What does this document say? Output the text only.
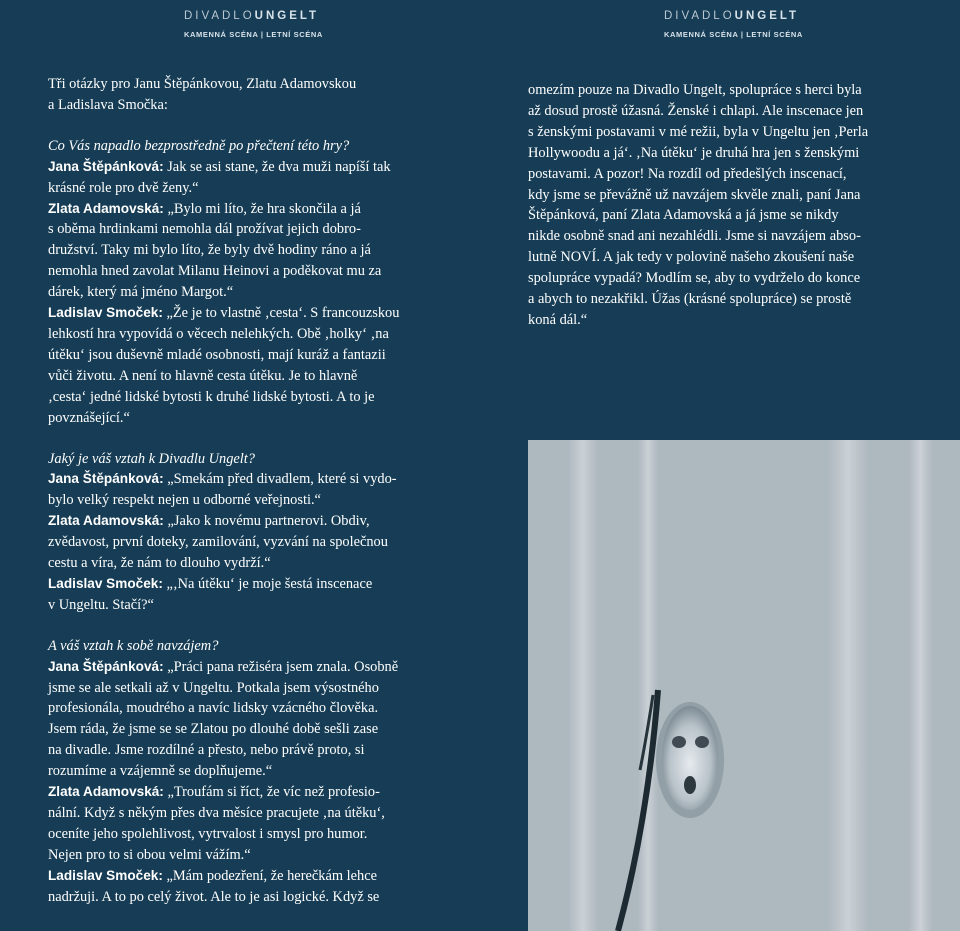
DIVADLOUNGELT
KAMENNÁ SCÉNA | LETNÍ SCÉNA
DIVADLOUNGELT
KAMENNÁ SCÉNA | LETNÍ SCÉNA

Tři otázky pro Janu Štěpánkovou, Zlatu Adamovskou

a Ladislava Smočka:

Co Vás napadlo bezprostředně po přečtení této hry?

Jana Štěpánková: Jak se asi stane, že dva muži napíší tak

krásné role pro dvě ženy.“

Zlata Adamovská: „Bylo mi líto, že hra skončila a já

s oběma hrdinkami nemohla dál prožívat jejich dobro-

družství. Taky mi bylo líto, že byly dvě hodiny ráno a já

nemohla hned zavolat Milanu Heinovi a poděkovat mu za

dárek, který má jméno Margot.“

Ladislav Smoček: „Že je to vlastně ‚cesta‘. S francouzskou

lehkostí hra vypovídá o věcech nelehkých. Obě ‚holky‘ ‚na

útěku‘ jsou duševně mladé osobnosti, mají kuráž a fantazii

vůči životu. A není to hlavně cesta útěku. Je to hlavně

‚cesta‘ jedné lidské bytosti k druhé lidské bytosti. A to je

povznášející.“

Jaký je váš vztah k Divadlu Ungelt?

Jana Štěpánková: „Smekám před divadlem, které si vydo-

bylo velký respekt nejen u odborné veřejnosti.“

Zlata Adamovská: „Jako k novému partnerovi. Obdiv,

zvědavost, první doteky, zamilování, vyzvání na společnou

cestu a víra, že nám to dlouho vydrží.“

Ladislav Smoček: „‚Na útěku‘ je moje šestá inscenace

v Ungeltu. Stačí?“

A váš vztah k sobě navzájem?

Jana Štěpánková: „Práci pana režiséra jsem znala. Osobně

jsme se ale setkali až v Ungeltu. Potkala jsem výsostného

profesionála, moudrého a navíc lidsky vzácného člověka.

Jsem ráda, že jsme se se Zlatou po dlouhé době sešli zase

na divadle. Jsme rozdílné a přesto, nebo právě proto, si

rozumíme a vzájemně se doplňujeme.“

Zlata Adamovská: „Troufám si říct, že víc než profesio-

nální. Když s někým přes dva měsíce pracujete ‚na útěku‘,

oceníte jeho spolehlivost, vytrvalost i smysl pro humor.

Nejen pro to si obou velmi vážím.“

Ladislav Smoček: „Mám podezření, že herečkám lehce

nadržuji. A to po celý život. Ale to je asi logické. Když se

omezím pouze na Divadlo Ungelt, spolupráce s herci byla

až dosud prostě úžasná. Ženské i chlapi. Ale inscenace jen

s ženskými postavami v mé režii, byla v Ungeltu jen ‚Perla

Hollywoodu a já‘. ‚Na útěku‘ je druhá hra jen s ženskými

postavami. A pozor! Na rozdíl od předešlých inscenací,

kdy jsme se převážně už navzájem skvěle znali, paní Jana

Štěpánková, paní Zlata Adamovská a já jsme se nikdy

nikde osobně snad ani nezahlédli. Jsme si navzájem abso-

lutně NOVÍ. A jak tedy v polovině našeho zkoušení naše

spolupráce vypadá? Modlím se, aby to vydrželo do konce

a abych to nezakřikl. Úžas (krásné spolupráce) se prostě

koná dál.“
